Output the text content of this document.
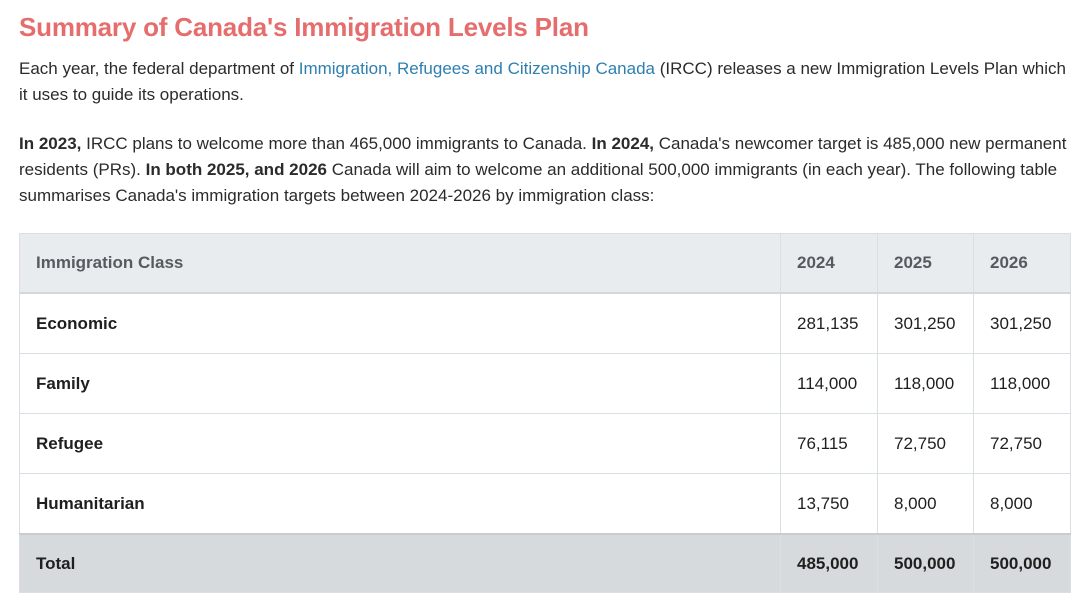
Summary of Canada's Immigration Levels Plan

Each year, the federal department of Immigration, Refugees and Citizenship Canada (IRCC) releases a new Immigration Levels Plan which it uses to guide its operations.

In 2023, IRCC plans to welcome more than 465,000 immigrants to Canada. In 2024, Canada's newcomer target is 485,000 new permanent residents (PRs). In both 2025, and 2026 Canada will aim to welcome an additional 500,000 immigrants (in each year). The following table summarises Canada's immigration targets between 2024-2026 by immigration class:

Immigration Class	2024	2025	2026
Economic	281,135	301,250	301,250
Family	114,000	118,000	118,000
Refugee	76,115	72,750	72,750
Humanitarian	13,750	8,000	8,000
Total	485,000	500,000	500,000
